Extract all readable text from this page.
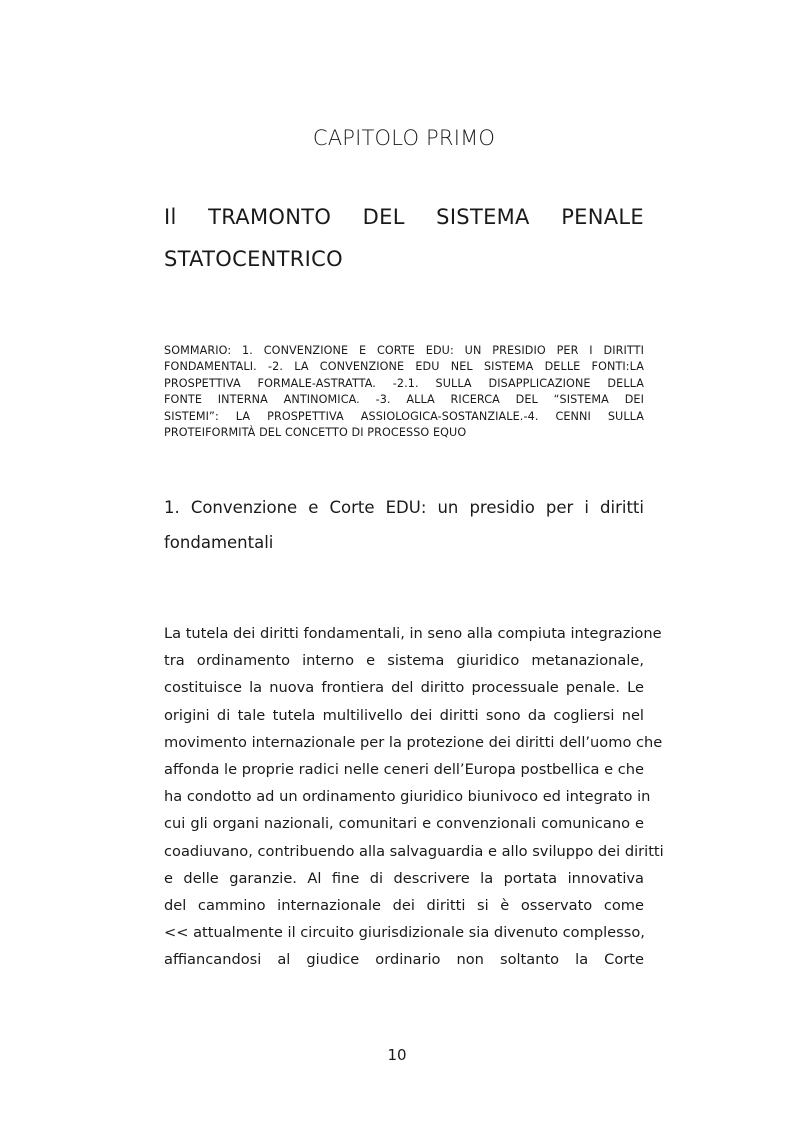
CAPITOLO PRIMO
Il TRAMONTO DEL SISTEMA PENALE
STATOCENTRICO
SOMMARIO: 1. CONVENZIONE E CORTE EDU: UN PRESIDIO PER I DIRITTI
FONDAMENTALI. -2. LA CONVENZIONE EDU NEL SISTEMA DELLE FONTI:LA
PROSPETTIVA FORMALE-ASTRATTA. -2.1. SULLA DISAPPLICAZIONE DELLA
FONTE INTERNA ANTINOMICA. -3. ALLA RICERCA DEL “SISTEMA DEI
SISTEMI”: LA PROSPETTIVA ASSIOLOGICA-SOSTANZIALE.-4. CENNI SULLA
PROTEIFORMITÀ DEL CONCETTO DI PROCESSO EQUO
1. Convenzione e Corte EDU: un presidio per i diritti
fondamentali
La tutela dei diritti fondamentali, in seno alla compiuta integrazione
tra ordinamento interno e sistema giuridico metanazionale,
costituisce la nuova frontiera del diritto processuale penale. Le
origini di tale tutela multilivello dei diritti sono da cogliersi nel
movimento internazionale per la protezione dei diritti dell’uomo che
affonda le proprie radici nelle ceneri dell’Europa postbellica e che
ha condotto ad un ordinamento giuridico biunivoco ed integrato in
cui gli organi nazionali, comunitari e convenzionali comunicano e
coadiuvano, contribuendo alla salvaguardia e allo sviluppo dei diritti
e delle garanzie. Al fine di descrivere la portata innovativa
del cammino internazionale dei diritti si è osservato come
<< attualmente il circuito giurisdizionale sia divenuto complesso,
affiancandosi al giudice ordinario non soltanto la Corte
10
